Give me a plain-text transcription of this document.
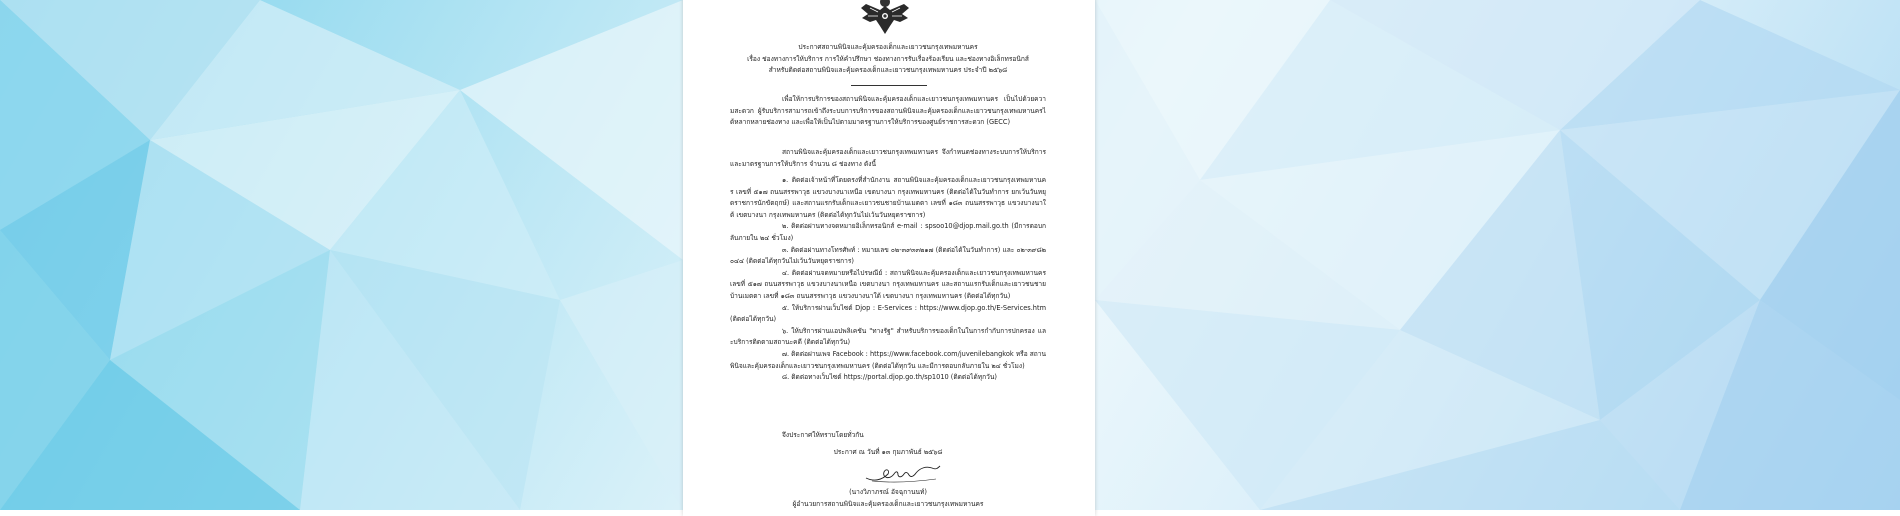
ประกาศสถานพินิจและคุ้มครองเด็กและเยาวชนกรุงเทพมหานคร
เรื่อง ช่องทางการให้บริการ การให้คำปรึกษา ช่องทางการรับเรื่องร้องเรียน และช่องทางอิเล็กทรอนิกส์
สำหรับติดต่อสถานพินิจและคุ้มครองเด็กและเยาวชนกรุงเทพมหานคร ประจำปี ๒๕๖๘
เพื่อให้การบริการของสถานพินิจและคุ้มครองเด็กและเยาวชนกรุงเทพมหานคร เป็นไปด้วยความสะดวก ผู้รับบริการสามารถเข้าถึงระบบการบริการของสถานพินิจและคุ้มครองเด็กและเยาวชนกรุงเทพมหานครได้หลากหลายช่องทาง และเพื่อให้เป็นไปตามมาตรฐานการให้บริการของศูนย์ราชการสะดวก (GECC)
สถานพินิจและคุ้มครองเด็กและเยาวชนกรุงเทพมหานคร จึงกำหนดช่องทางระบบการให้บริการและมาตรฐานการให้บริการ จำนวน ๘ ช่องทาง ดังนี้

๑. ติดต่อเจ้าหน้าที่โดยตรงที่สำนักงาน สถานพินิจและคุ้มครองเด็กและเยาวชนกรุงเทพมหานคร เลขที่ ๕๑๗ ถนนสรรพาวุธ แขวงบางนาเหนือ เขตบางนา กรุงเทพมหานคร (ติดต่อได้ในวันทำการ ยกเว้นวันหยุดราชการนักขัตฤกษ์) และสถานแรกรับเด็กและเยาวชนชายบ้านเมตตา เลขที่ ๑๘๓ ถนนสรรพาวุธ แขวงบางนาใต้ เขตบางนา กรุงเทพมหานคร (ติดต่อได้ทุกวันไม่เว้นวันหยุดราชการ)

๒. ติดต่อผ่านทางจดหมายอิเล็กทรอนิกส์ e-mail : spsoo10@djop.mail.go.th (มีการตอบกลับภายใน ๒๔ ชั่วโมง)

๓. ติดต่อผ่านทางโทรศัพท์ : หมายเลข ๐๒-๓๙๓๓๒๑๗ (ติดต่อได้ในวันทำการ) และ ๐๒-๓๙๘๒๐๔๔ (ติดต่อได้ทุกวันไม่เว้นวันหยุดราชการ)

๔. ติดต่อผ่านจดหมายหรือไปรษณีย์ : สถานพินิจและคุ้มครองเด็กและเยาวชนกรุงเทพมหานคร เลขที่ ๕๑๗ ถนนสรรพาวุธ แขวงบางนาเหนือ เขตบางนา กรุงเทพมหานคร และสถานแรกรับเด็กและเยาวชนชายบ้านเมตตา เลขที่ ๑๘๓ ถนนสรรพาวุธ แขวงบางนาใต้ เขตบางนา กรุงเทพมหานคร (ติดต่อได้ทุกวัน)

๕. ให้บริการผ่านเว็บไซต์ Djop : E-Services : https://www.djop.go.th/E-Services.htm (ติดต่อได้ทุกวัน)

๖. ให้บริการผ่านแอปพลิเคชัน "ทางรัฐ" สำหรับบริการของเด็กในในการกำกับการปกครอง และบริการติดตามสถานะคดี (ติดต่อได้ทุกวัน)

๗. ติดต่อผ่านเพจ Facebook : https://www.facebook.com/juvenilebangkok หรือ สถานพินิจและคุ้มครองเด็กและเยาวชนกรุงเทพมหานคร (ติดต่อได้ทุกวัน และมีการตอบกลับภายใน ๒๔ ชั่วโมง)

๘. ติดต่อทางเว็บไซต์ https://portal.djop.go.th/sp1010 (ติดต่อได้ทุกวัน)

จึงประกาศให้ทราบโดยทั่วกัน
ประกาศ ณ วันที่ ๑๓ กุมภาพันธ์ ๒๕๖๘
(นางวิภาภรณ์ อัจฉุกานนท์)
ผู้อำนวยการสถานพินิจและคุ้มครองเด็กและเยาวชนกรุงเทพมหานคร
